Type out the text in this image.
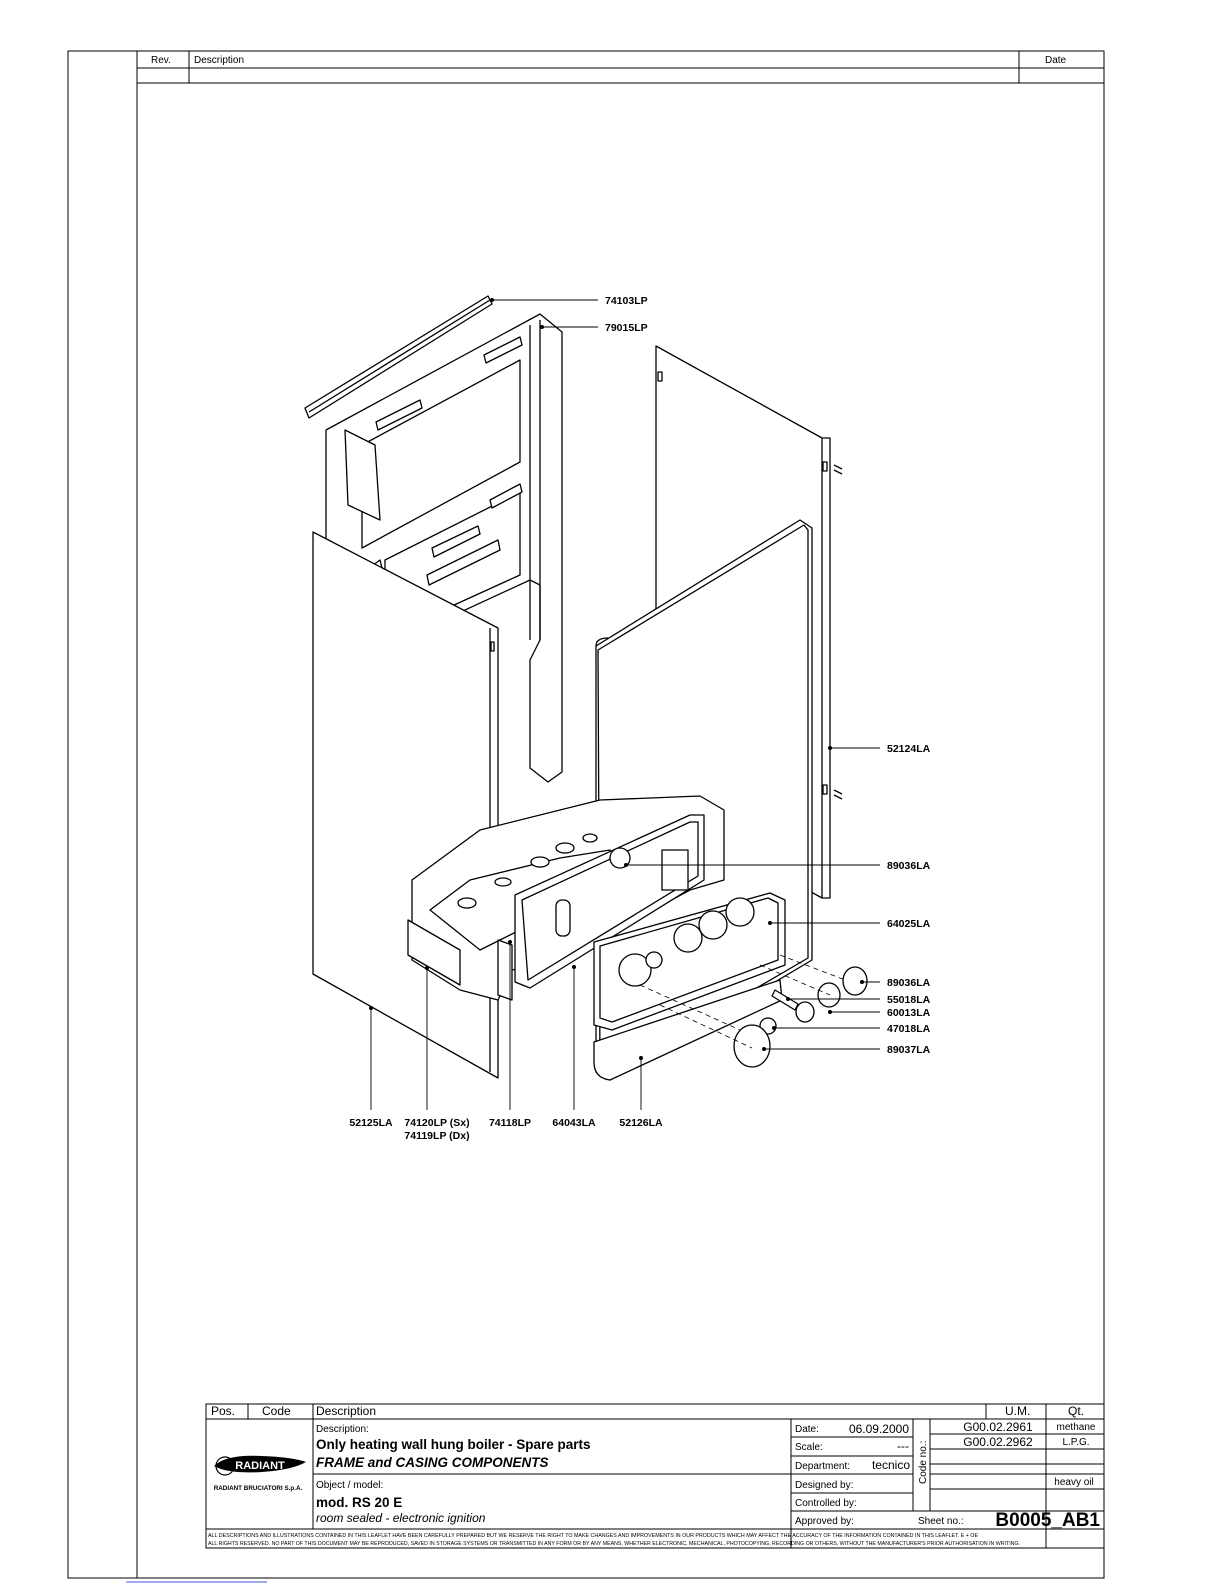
Rev. Description	Date
74103LP
79015LP
52124LA
89036LA
64025LA
89036LA
55018LA
60013LA
47018LA
89037LA
52125LA 74120LP (Sx)
74119LP (Dx)
74118LP 64043LA 52126LA
Pos. Code Description	U.M.	Qt.
RADIANT
RADIANT BRUCIATORI S.p.A.
Description:
Only heating wall hung boiler - Spare parts
FRAME and CASING COMPONENTS
Object / model:
mod. RS 20 E
room sealed - electronic ignition
Date:	06.09.2000
Scale:	---
Department: tecnico
Designed by:
Controlled by:
Approved by:
Code no.:
G00.02.2961 methane
G00.02.2962	L.P.G.
heavy oil
Sheet no.: B0005_AB1
ALL DESCRIPTIONS AND ILLUSTRATIONS CONTAINED IN THIS LEAFLET HAVE BEEN CAREFULLY PREPARED BUT WE RESERVE THE RIGHT TO MAKE CHANGES AND IMPROVEMENTS IN OUR PRODUCTS WHICH MAY AFFECT THE ACCURACY OF THE INFORMATION CONTAINED IN THIS LEAFLET. E + OE
ALL RIGHTS RESERVED. NO PART OF THIS DOCUMENT MAY BE REPRODUCED, SAVED IN STORAGE SYSTEMS OR TRANSMITTED IN ANY FORM OR BY ANY MEANS, WHETHER ELECTRONIC, MECHANICAL, PHOTOCOPYING, RECORDING OR OTHERS, WITHOUT THE MANUFACTURER'S PRIOR AUTHORISATION IN WRITING.
